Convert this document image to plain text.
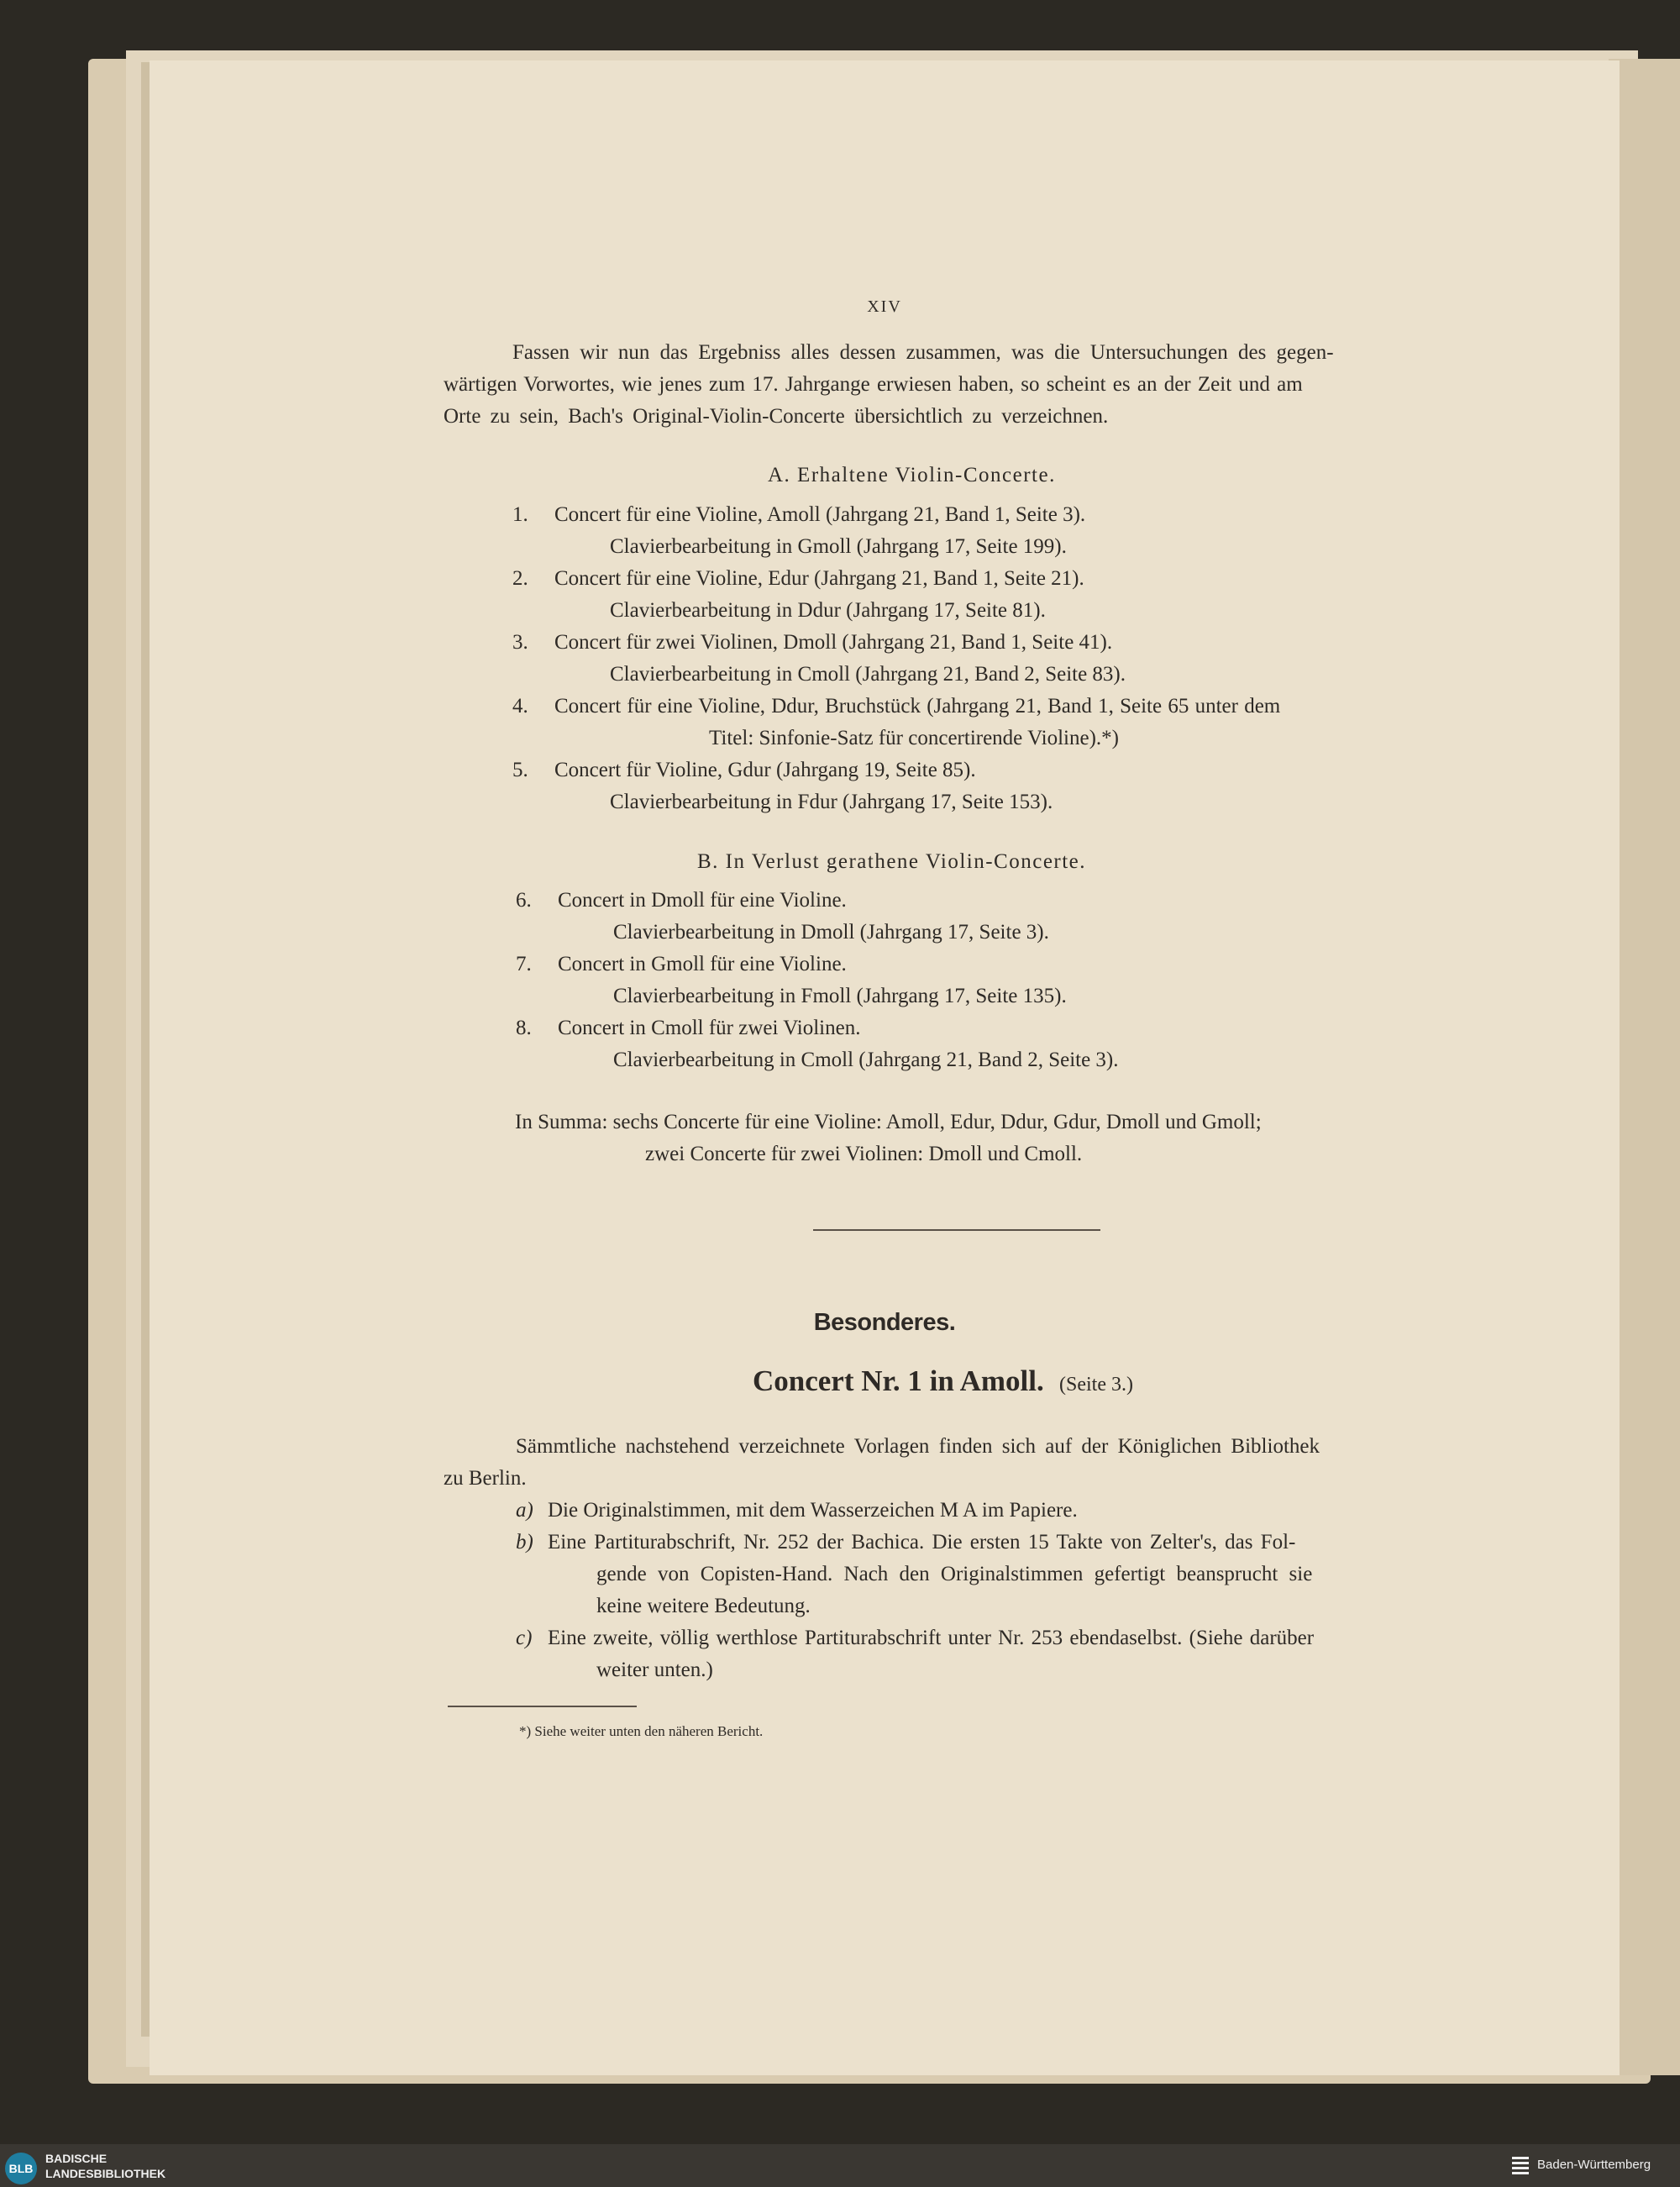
XIV
Fassen wir nun das Ergebniss alles dessen zusammen, was die Untersuchungen des gegen-
wärtigen Vorwortes, wie jenes zum 17. Jahrgange erwiesen haben, so scheint es an der Zeit und am
Orte zu sein, Bach's Original-Violin-Concerte übersichtlich zu verzeichnen.
A. Erhaltene Violin-Concerte.
1. Concert für eine Violine, Amoll (Jahrgang 21, Band 1, Seite 3).
Clavierbearbeitung in Gmoll (Jahrgang 17, Seite 199).
2. Concert für eine Violine, Edur (Jahrgang 21, Band 1, Seite 21).
Clavierbearbeitung in Ddur (Jahrgang 17, Seite 81).
3. Concert für zwei Violinen, Dmoll (Jahrgang 21, Band 1, Seite 41).
Clavierbearbeitung in Cmoll (Jahrgang 21, Band 2, Seite 83).
4. Concert für eine Violine, Ddur, Bruchstück (Jahrgang 21, Band 1, Seite 65 unter dem
Titel: Sinfonie-Satz für concertirende Violine).*)
5. Concert für Violine, Gdur (Jahrgang 19, Seite 85).
Clavierbearbeitung in Fdur (Jahrgang 17, Seite 153).
B. In Verlust gerathene Violin-Concerte.
6. Concert in Dmoll für eine Violine.
Clavierbearbeitung in Dmoll (Jahrgang 17, Seite 3).
7. Concert in Gmoll für eine Violine.
Clavierbearbeitung in Fmoll (Jahrgang 17, Seite 135).
8. Concert in Cmoll für zwei Violinen.
Clavierbearbeitung in Cmoll (Jahrgang 21, Band 2, Seite 3).
In Summa: sechs Concerte für eine Violine: Amoll, Edur, Ddur, Gdur, Dmoll und Gmoll;
zwei Concerte für zwei Violinen: Dmoll und Cmoll.
Besonderes.
Concert Nr. 1 in Amoll. (Seite 3.)
Sämmtliche nachstehend verzeichnete Vorlagen finden sich auf der Königlichen Bibliothek
zu Berlin.
a) Die Originalstimmen, mit dem Wasserzeichen M A im Papiere.
b) Eine Partiturabschrift, Nr. 252 der Bachica. Die ersten 15 Takte von Zelter's, das Fol-
gende von Copisten-Hand. Nach den Originalstimmen gefertigt beansprucht sie
keine weitere Bedeutung.
c) Eine zweite, völlig werthlose Partiturabschrift unter Nr. 253 ebendaselbst. (Siehe darüber
weiter unten.)
*) Siehe weiter unten den näheren Bericht.
BLB
BADISCHE
LANDESBIBLIOTHEK
Baden-Württemberg
